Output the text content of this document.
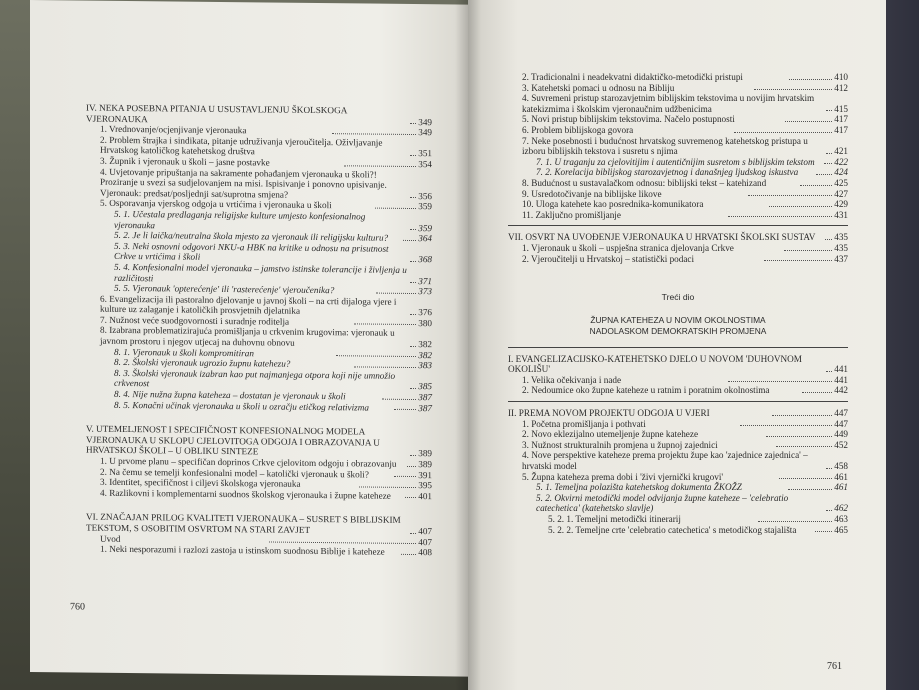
IV. NEKA POSEBNA PITANJA U USUSTAVLJENJU ŠKOLSKOGA VJERONAUKA	349
1. Vrednovanje/ocjenjivanje vjeronauka	349
2. Problem štrajka i sindikata, pitanje udruživanja vjeroučitelja. Oživljavanje Hrvatskog katoličkog katehetskog društva	351
3. Župnik i vjeronauk u školi – jasne postavke	354
4. Uvjetovanje pripuštanja na sakramente pohađanjem vjeronauka u školi?! Proziranje u svezi sa sudjelovanjem na misi. Ispisivanje i ponovno upisivanje. Vjeronauk: predsat/posljednji sat/suprotna smjena?	356
5. Osporavanja vjerskog odgoja u vrtićima i vjeronauka u školi	359
5. 1. Učestala predlaganja religijske kulture umjesto konfesionalnog vjeronauka	359
5. 2. Je li laička/neutralna škola mjesto za vjeronauk ili religijsku kulturu?	364
5. 3. Neki osnovni odgovori NKU-a HBK na kritike u odnosu na prisutnost Crkve u vrtićima i školi	368
5. 4. Konfesionalni model vjeronauka – jamstvo istinske tolerancije i življenja u različitosti	371
5. 5. Vjeronauk 'opterećenje' ili 'rasterećenje' vjeroučenika?	373
6. Evangelizacija ili pastoralno djelovanje u javnoj školi – na crti dijaloga vjere i kulture uz zalaganje i katoličkih prosvjetnih djelatnika	376
7. Nužnost veće suodgovornosti i suradnje roditelja	380
8. Izabrana problematizirajuća promišljanja u crkvenim krugovima: vjeronauk u javnom prostoru i njegov utjecaj na duhovnu obnovu	382
8. 1. Vjeronauk u školi kompromitiran	382
8. 2. Školski vjeronauk ugrozio župnu katehezu?	383
8. 3. Školski vjeronauk izabran kao put najmanjega otpora koji nije umnožio crkvenost	385
8. 4. Nije nužna župna kateheza – dostatan je vjeronauk u školi	387
8. 5. Konačni učinak vjeronauka u školi u ozračju etičkog relativizma	387
V. UTEMELJENOST I SPECIFIČNOST KONFESIONALNOG MODELA VJERONAUKA U SKLOPU CJELOVITOGA ODGOJA I OBRAZOVANJA U HRVATSKOJ ŠKOLI – U OBLIKU SINTEZE	389
1. U prvome planu – specifičan doprinos Crkve cjelovitom odgoju i obrazovanju	389
2. Na čemu se temelji konfesionalni model – katolički vjeronauk u školi?	391
3. Identitet, specifičnost i ciljevi školskoga vjeronauka	395
4. Razlikovni i komplementarni suodnos školskog vjeronauka i župne kateheze	401
VI. ZNAČAJAN PRILOG KVALITETI VJERONAUKA – SUSRET S BIBLIJSKIM TEKSTOM, S OSOBITIM OSVRTOM NA STARI ZAVJET	407
Uvod	407
1. Neki nesporazumi i razlozi zastoja u istinskom suodnosu Biblije i kateheze	408
760
2. Tradicionalni i neadekvatni didaktičko-metodički pristupi	410
3. Katehetski pomaci u odnosu na Bibliju	412
4. Suvremeni pristup starozavjetnim biblijskim tekstovima u novijim hrvatskim katekizmima i školskim vjeronaučnim udžbenicima	415
5. Novi pristup biblijskim tekstovima. Načelo postupnosti	417
6. Problem biblijskoga govora	417
7. Neke posebnosti i budućnost hrvatskog suvremenog katehetskog pristupa u izboru biblijskih tekstova i susretu s njima	421
7. 1. U traganju za cjelovitijim i autentičnijim susretom s biblijskim tekstom	422
7. 2. Korelacija biblijskog starozavjetnog i današnjeg ljudskog iskustva	424
8. Budućnost u sustavalačkom odnosu: biblijski tekst – katehizand	425
9. Usredotočivanje na biblijske likove	427
10. Uloga katehete kao posrednika-komunikatora	429
11. Zaključno promišljanje	431
VII. OSVRT NA UVOĐENJE VJERONAUKA U HRVATSKI ŠKOLSKI SUSTAV	435
1. Vjeronauk u školi – uspješna stranica djelovanja Crkve	435
2. Vjeroučitelji u Hrvatskoj – statistički podaci	437
Treći dio
ŽUPNA KATEHEZA U NOVIM OKOLNOSTIMA
NADOLASKOM DEMOKRATSKIH PROMJENA
I. EVANGELIZACIJSKO-KATEHETSKO DJELO U NOVOM 'DUHOVNOM OKOLIŠU'	441
1. Velika očekivanja i nade	441
2. Nedoumice oko župne kateheze u ratnim i poratnim okolnostima	442
II. PREMA NOVOM PROJEKTU ODGOJA U VJERI	447
1. Početna promišljanja i pothvati	447
2. Novo eklezijalno utemeljenje župne kateheze	449
3. Nužnost strukturalnih promjena u župnoj zajednici	452
4. Nove perspektive kateheze prema projektu župe kao 'zajednice zajednica' – hrvatski model	458
5. Župna kateheza prema dobi i 'živi vjernički krugovi'	461
5. 1. Temeljna polazišta katehetskog dokumenta ŽKOŽZ	461
5. 2. Okvirni metodički model odvijanja župne kateheze – 'celebratio catechetica' (katehetsko slavlje)	462
5. 2. 1. Temeljni metodički itinerarij	463
5. 2. 2. Temeljne crte 'celebratio catechetica' s metodičkog stajališta	465
761
